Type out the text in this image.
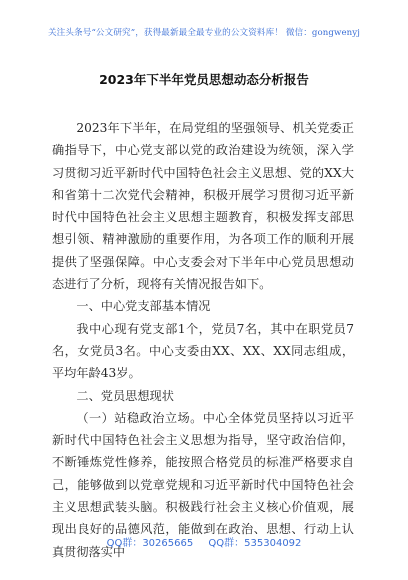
关注头条号“公文研究”，获得最新最全最专业的公文资料库！ 微信：gongwenyj
2023年下半年党员思想动态分析报告

2023年下半年，在局党组的坚强领导、机关党委正确指导下，中心党支部以党的政治建设为统领，深入学习贯彻习近平新时代中国特色社会主义思想、党的XX大和省第十二次党代会精神，积极开展学习贯彻习近平新时代中国特色社会主义思想主题教育，积极发挥支部思想引领、精神激励的重要作用，为各项工作的顺利开展提供了坚强保障。中心支委会对下半年中心党员思想动态进行了分析，现将有关情况报告如下。

一、中心党支部基本情况

我中心现有党支部1个，党员7名，其中在职党员7名，女党员3名。中心支委由XX、XX、XX同志组成，平均年龄43岁。

二、党员思想现状

（一）站稳政治立场。中心全体党员坚持以习近平新时代中国特色社会主义思想为指导，坚守政治信仰，不断锤炼党性修养，能按照合格党员的标准严格要求自己，能够做到以党章党规和习近平新时代中国特色社会主义思想武装头脑。积极践行社会主义核心价值观，展现出良好的品德风范，能做到在政治、思想、行动上认真贯彻落实中

QQ群：30265665 QQ群：535304092
